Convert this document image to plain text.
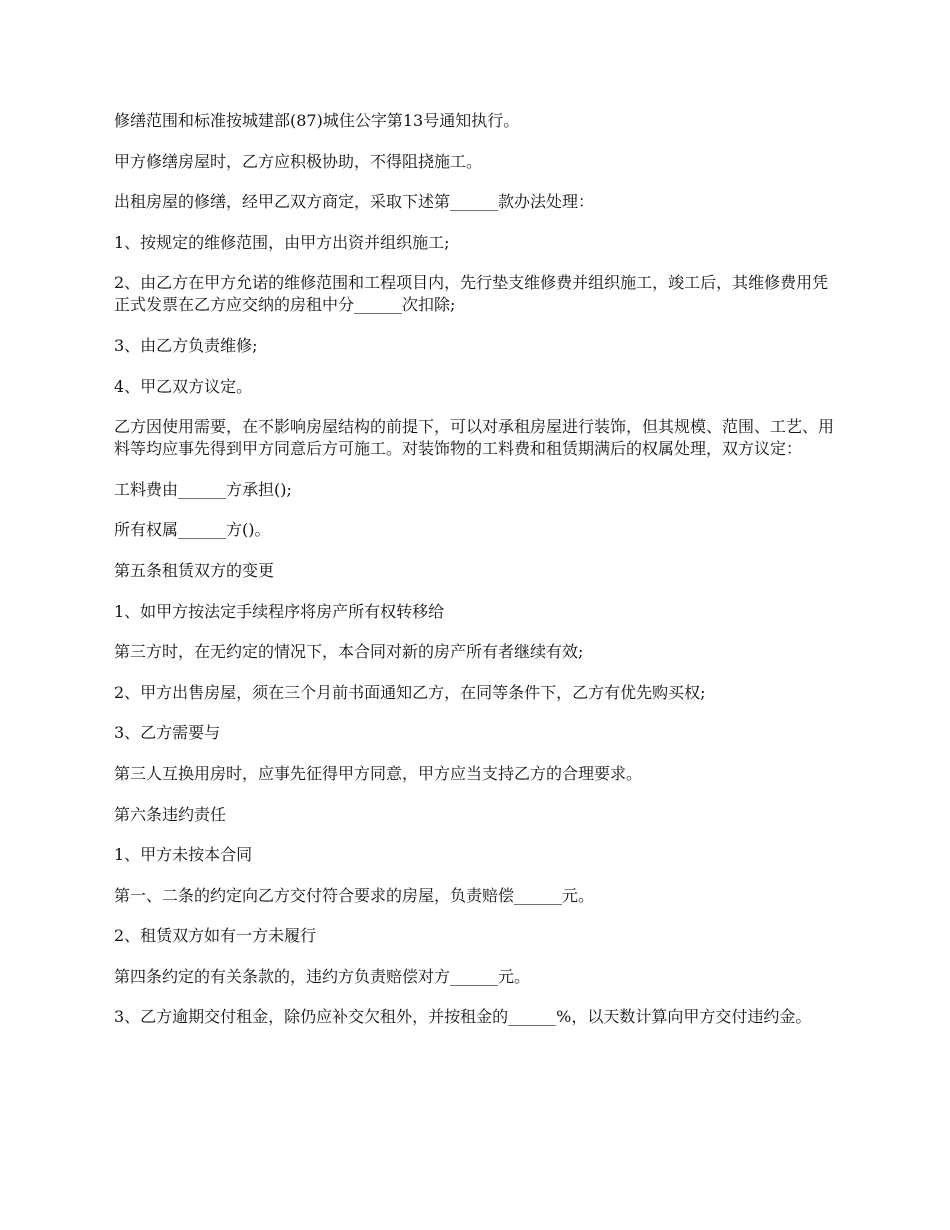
修缮范围和标准按城建部(87)城住公字第13号通知执行。

甲方修缮房屋时，乙方应积极协助，不得阻挠施工。

出租房屋的修缮，经甲乙双方商定，采取下述第______款办法处理：

1、按规定的维修范围，由甲方出资并组织施工;

2、由乙方在甲方允诺的维修范围和工程项目内，先行垫支维修费并组织施工，竣工后，其维修费用凭正式发票在乙方应交纳的房租中分______次扣除;

3、由乙方负责维修;

4、甲乙双方议定。

乙方因使用需要，在不影响房屋结构的前提下，可以对承租房屋进行装饰，但其规模、范围、工艺、用料等均应事先得到甲方同意后方可施工。对装饰物的工料费和租赁期满后的权属处理，双方议定：

工料费由______方承担();

所有权属______方()。

第五条租赁双方的变更

1、如甲方按法定手续程序将房产所有权转移给

第三方时，在无约定的情况下，本合同对新的房产所有者继续有效;

2、甲方出售房屋，须在三个月前书面通知乙方，在同等条件下，乙方有优先购买权;

3、乙方需要与

第三人互换用房时，应事先征得甲方同意，甲方应当支持乙方的合理要求。

第六条违约责任

1、甲方未按本合同

第一、二条的约定向乙方交付符合要求的房屋，负责赔偿______元。

2、租赁双方如有一方未履行

第四条约定的有关条款的，违约方负责赔偿对方______元。

3、乙方逾期交付租金，除仍应补交欠租外，并按租金的______%，以天数计算向甲方交付违约金。
